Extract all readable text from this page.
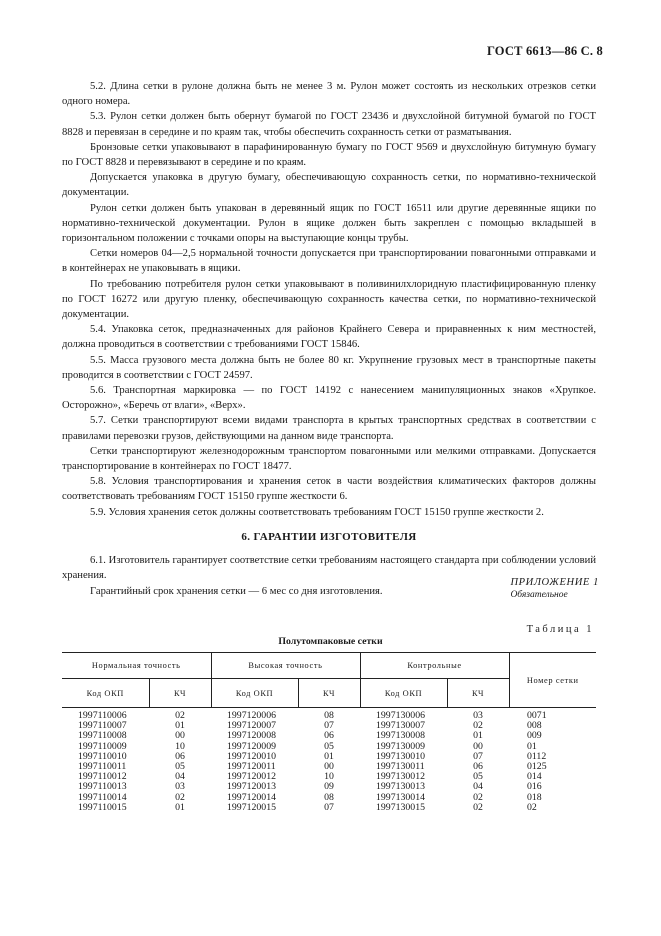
ГОСТ 6613—86 С. 8

5.2. Длина сетки в рулоне должна быть не менее 3 м. Рулон может состоять из нескольких отрезков сетки одного номера.

5.3. Рулон сетки должен быть обернут бумагой по ГОСТ 23436 и двухслойной битумной бумагой по ГОСТ 8828 и перевязан в середине и по краям так, чтобы обеспечить сохранность сетки от разматывания.

Бронзовые сетки упаковывают в парафинированную бумагу по ГОСТ 9569 и двухслойную битумную бумагу по ГОСТ 8828 и перевязывают в середине и по краям.

Допускается упаковка в другую бумагу, обеспечивающую сохранность сетки, по нормативно-технической документации.

Рулон сетки должен быть упакован в деревянный ящик по ГОСТ 16511 или другие деревянные ящики по нормативно-технической документации. Рулон в ящике должен быть закреплен с помощью вкладышей в горизонтальном положении с точками опоры на выступающие концы трубы.

Сетки номеров 04—2,5 нормальной точности допускается при транспортировании повагонными отправками и в контейнерах не упаковывать в ящики.

По требованию потребителя рулон сетки упаковывают в поливинилхлоридную пластифицированную пленку по ГОСТ 16272 или другую пленку, обеспечивающую сохранность качества сетки, по нормативно-технической документации.

5.4. Упаковка сеток, предназначенных для районов Крайнего Севера и приравненных к ним местностей, должна проводиться в соответствии с требованиями ГОСТ 15846.

5.5. Масса грузового места должна быть не более 80 кг. Укрупнение грузовых мест в транспортные пакеты проводится в соответствии с ГОСТ 24597.

5.6. Транспортная маркировка — по ГОСТ 14192 с нанесением манипуляционных знаков «Хрупкое. Осторожно», «Беречь от влаги», «Верх».

5.7. Сетки транспортируют всеми видами транспорта в крытых транспортных средствах в соответствии с правилами перевозки грузов, действующими на данном виде транспорта.

Сетки транспортируют железнодорожным транспортом повагонными или мелкими отправками. Допускается транспортирование в контейнерах по ГОСТ 18477.

5.8. Условия транспортирования и хранения сеток в части воздействия климатических факторов должны соответствовать требованиям ГОСТ 15150 группе жесткости 6.

5.9. Условия хранения сеток должны соответствовать требованиям ГОСТ 15150 группе жесткости 2.

6. ГАРАНТИИ ИЗГОТОВИТЕЛЯ

6.1. Изготовитель гарантирует соответствие сетки требованиям настоящего стандарта при соблюдении условий хранения.

Гарантийный срок хранения сетки — 6 мес со дня изготовления.

ПРИЛОЖЕНИЕ 1
Обязательное
Таблица 1
Полутомпаковые сетки
Нормальная точность		Высокая точность		Контрольные		Номер сетки
Код ОКП	КЧ	Код ОКП	КЧ	Код ОКП	КЧ	
1997110006	02	1997120006	08	1997130006	03	0071
1997110007	01	1997120007	07	1997130007	02	008
1997110008	00	1997120008	06	1997130008	01	009
1997110009	10	1997120009	05	1997130009	00	01
1997110010	06	1997120010	01	1997130010	07	0112
1997110011	05	1997120011	00	1997130011	06	0125
1997110012	04	1997120012	10	1997130012	05	014
1997110013	03	1997120013	09	1997130013	04	016
1997110014	02	1997120014	08	1997130014	02	018
1997110015	01	1997120015	07	1997130015	02	02
